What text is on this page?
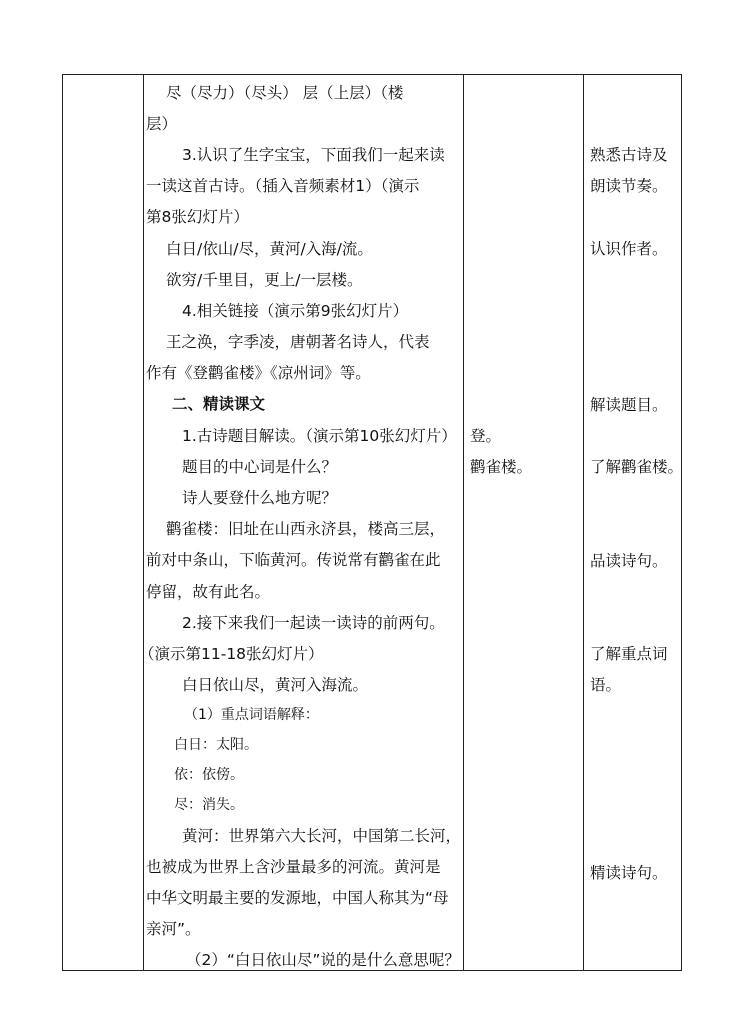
尽（尽力）（尽头） 层（上层）（楼
层）
3.认识了生字宝宝，下面我们一起来读
一读这首古诗。（插入音频素材1）（演示
第8张幻灯片）
白日/依山/尽，黄河/入海/流。
欲穷/千里目，更上/一层楼。
4.相关链接（演示第9张幻灯片）
王之涣，字季凌，唐朝著名诗人，代表
作有《登鹳雀楼》《凉州词》等。
二、精读课文
1.古诗题目解读。（演示第10张幻灯片）
题目的中心词是什么？
诗人要登什么地方呢？
鹳雀楼：旧址在山西永济县，楼高三层，
前对中条山，下临黄河。传说常有鹳雀在此
停留，故有此名。
2.接下来我们一起读一读诗的前两句。
（演示第11-18张幻灯片）
白日依山尽，黄河入海流。
（1）重点词语解释：
白日：太阳。
依：依傍。
尽：消失。
黄河：世界第六大长河，中国第二长河，
也被成为世界上含沙量最多的河流。黄河是
中华文明最主要的发源地，中国人称其为“母
亲河”。
（2）“白日依山尽”说的是什么意思呢？
登。
鹳雀楼。
熟悉古诗及
朗读节奏。
认识作者。
解读题目。
了解鹳雀楼。
品读诗句。
了解重点词
语。
精读诗句。
